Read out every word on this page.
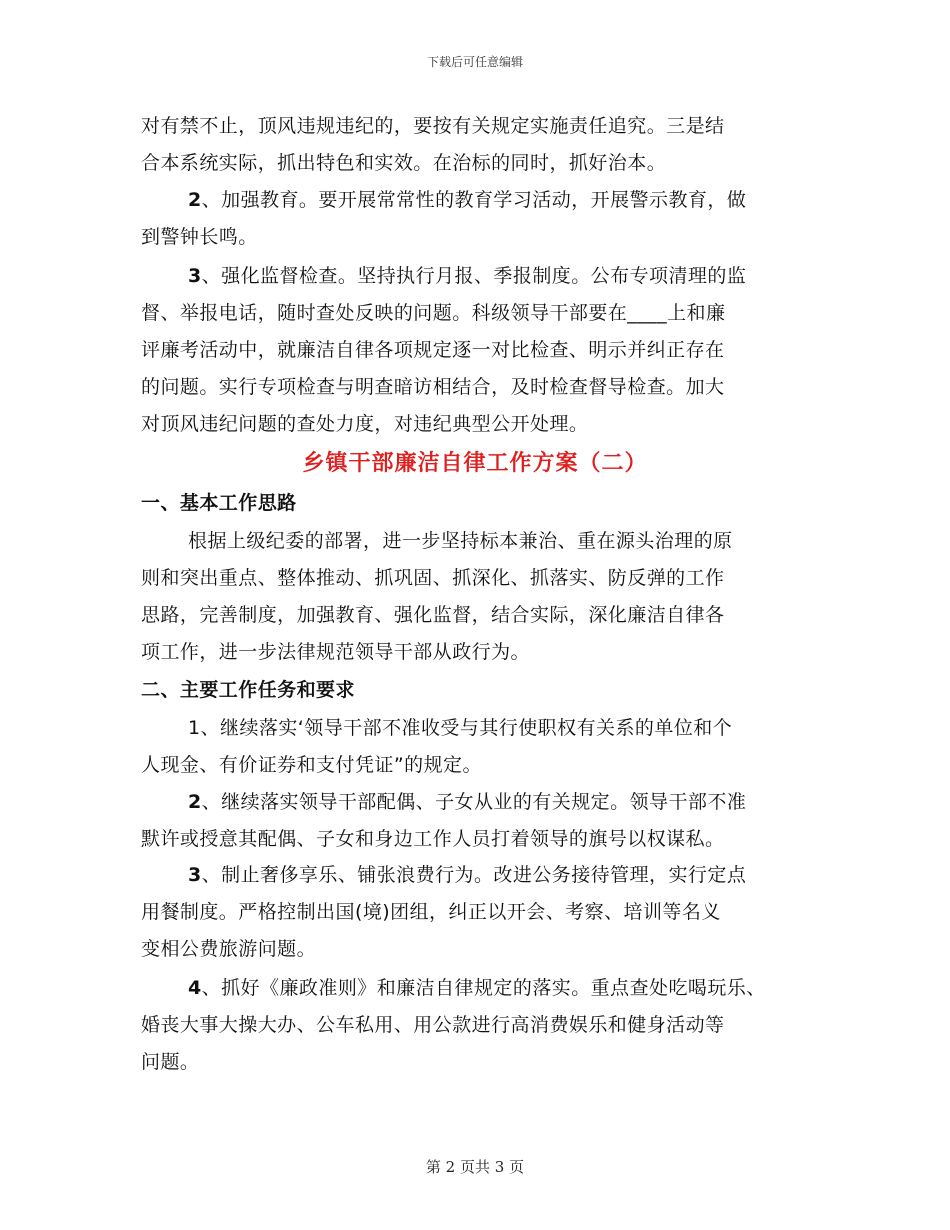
下载后可任意编辑
对有禁不止，顶风违规违纪的，要按有关规定实施责任追究。三是结
合本系统实际，抓出特色和实效。在治标的同时，抓好治本。
2、加强教育。要开展常常性的教育学习活动，开展警示教育，做
到警钟长鸣。
3、强化监督检查。坚持执行月报、季报制度。公布专项清理的监
督、举报电话，随时查处反映的问题。科级领导干部要在____上和廉
评廉考活动中，就廉洁自律各项规定逐一对比检查、明示并纠正存在
的问题。实行专项检查与明查暗访相结合，及时检查督导检查。加大
对顶风违纪问题的查处力度，对违纪典型公开处理。
乡镇干部廉洁自律工作方案（二）
一、基本工作思路
根据上级纪委的部署，进一步坚持标本兼治、重在源头治理的原
则和突出重点、整体推动、抓巩固、抓深化、抓落实、防反弹的工作
思路，完善制度，加强教育、强化监督，结合实际，深化廉洁自律各
项工作，进一步法律规范领导干部从政行为。
二、主要工作任务和要求
1、继续落实‘领导干部不准收受与其行使职权有关系的单位和个
人现金、有价证券和支付凭证”的规定。
2、继续落实领导干部配偶、子女从业的有关规定。领导干部不准
默许或授意其配偶、子女和身边工作人员打着领导的旗号以权谋私。
3、制止奢侈享乐、铺张浪费行为。改进公务接待管理，实行定点
用餐制度。严格控制出国(境)团组，纠正以开会、考察、培训等名义
变相公费旅游问题。
4、抓好《廉政准则》和廉洁自律规定的落实。重点查处吃喝玩乐、
婚丧大事大操大办、公车私用、用公款进行高消费娱乐和健身活动等
问题。
第 2 页共 3 页
